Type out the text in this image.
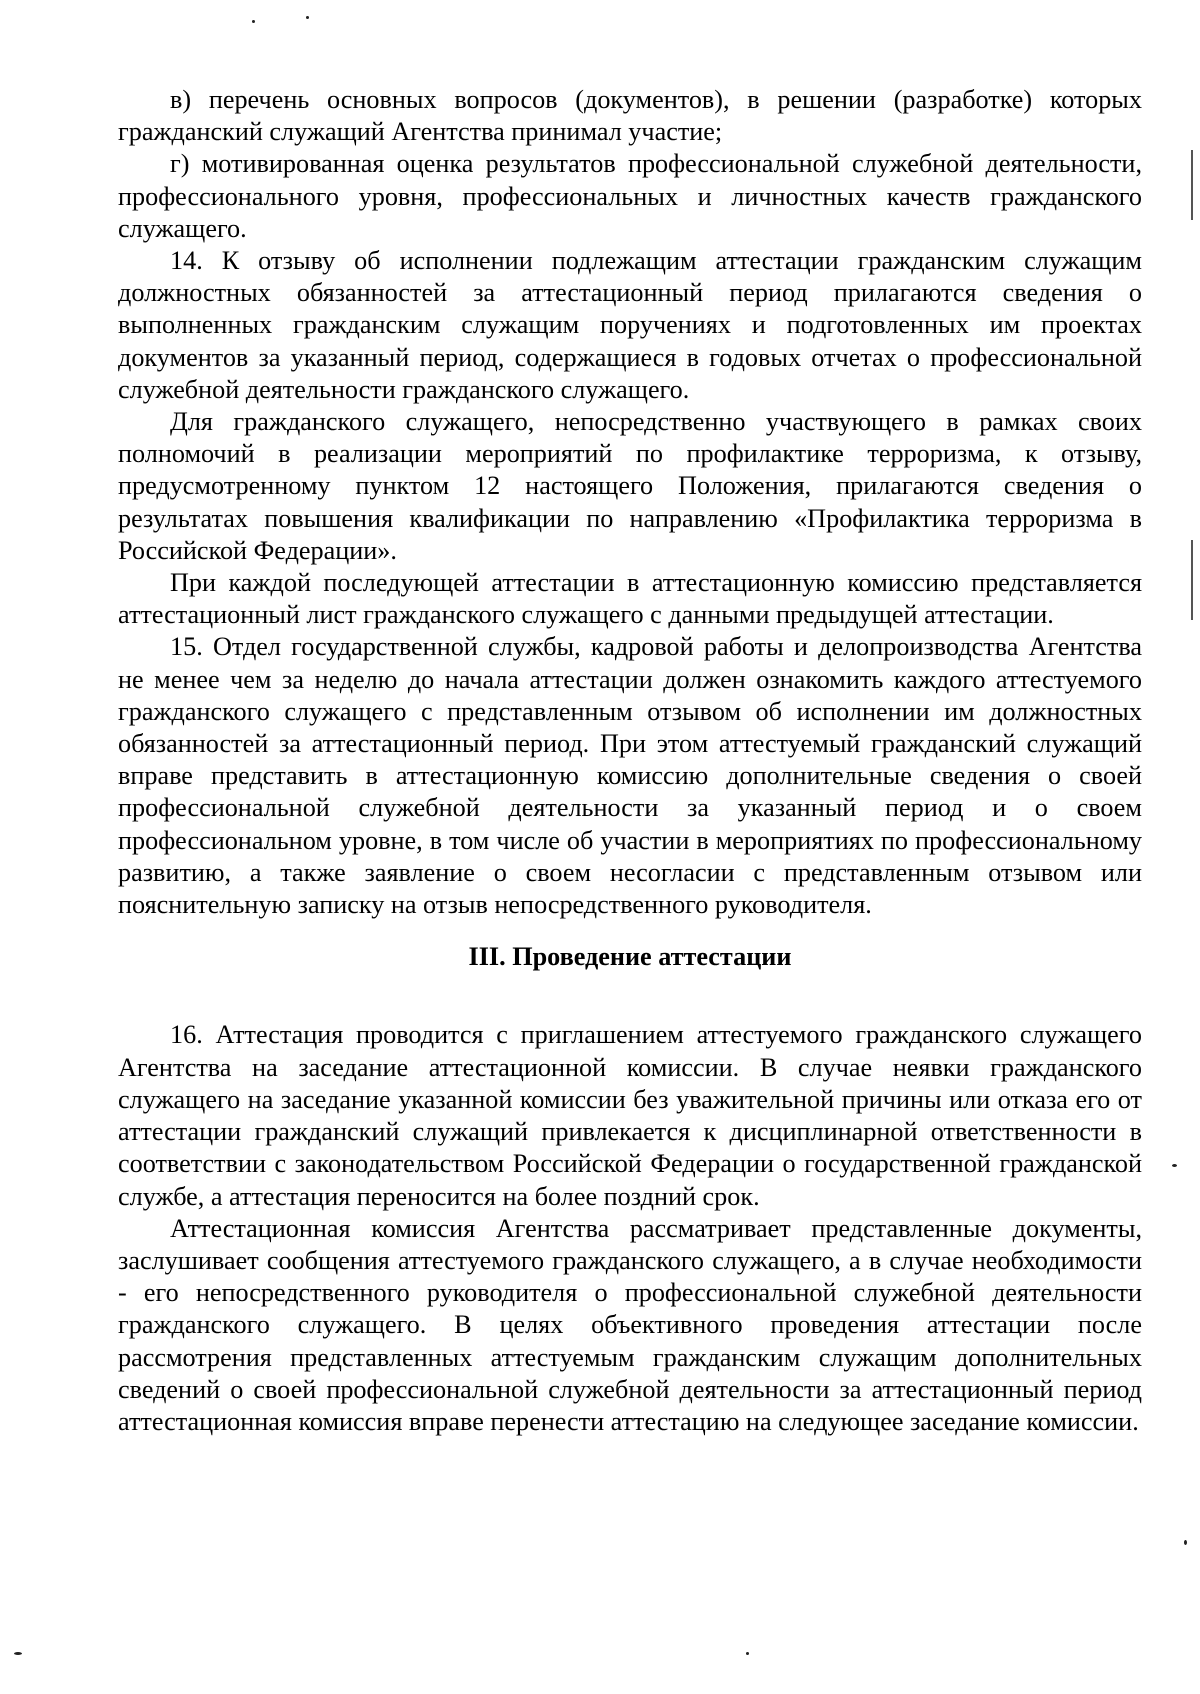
в) перечень основных вопросов (документов), в решении (разработке) которых гражданский служащий Агентства принимал участие;

г) мотивированная оценка результатов профессиональной служебной деятельности, профессионального уровня, профессиональных и личностных качеств гражданского служащего.

14. К отзыву об исполнении подлежащим аттестации гражданским служащим должностных обязанностей за аттестационный период прилагаются сведения о выполненных гражданским служащим поручениях и подготовленных им проектах документов за указанный период, содержащиеся в годовых отчетах о профессиональной служебной деятельности гражданского служащего.

Для гражданского служащего, непосредственно участвующего в рамках своих полномочий в реализации мероприятий по профилактике терроризма, к отзыву, предусмотренному пунктом 12 настоящего Положения, прилагаются сведения о результатах повышения квалификации по направлению «Профилактика терроризма в Российской Федерации».

При каждой последующей аттестации в аттестационную комиссию представляется аттестационный лист гражданского служащего с данными предыдущей аттестации.

15. Отдел государственной службы, кадровой работы и делопроизводства Агентства не менее чем за неделю до начала аттестации должен ознакомить каждого аттестуемого гражданского служащего с представленным отзывом об исполнении им должностных обязанностей за аттестационный период. При этом аттестуемый гражданский служащий вправе представить в аттестационную комиссию дополнительные сведения о своей профессиональной служебной деятельности за указанный период и о своем профессиональном уровне, в том числе об участии в мероприятиях по профессиональному развитию, а также заявление о своем несогласии с представленным отзывом или пояснительную записку на отзыв непосредственного руководителя.

III. Проведение аттестации

16. Аттестация проводится с приглашением аттестуемого гражданского служащего Агентства на заседание аттестационной комиссии. В случае неявки гражданского служащего на заседание указанной комиссии без уважительной причины или отказа его от аттестации гражданский служащий привлекается к дисциплинарной ответственности в соответствии с законодательством Российской Федерации о государственной гражданской службе, а аттестация переносится на более поздний срок.

Аттестационная комиссия Агентства рассматривает представленные документы, заслушивает сообщения аттестуемого гражданского служащего, а в случае необходимости - его непосредственного руководителя о профессиональной служебной деятельности гражданского служащего. В целях объективного проведения аттестации после рассмотрения представленных аттестуемым гражданским служащим дополнительных сведений о своей профессиональной служебной деятельности за аттестационный период аттестационная комиссия вправе перенести аттестацию на следующее заседание комиссии.
